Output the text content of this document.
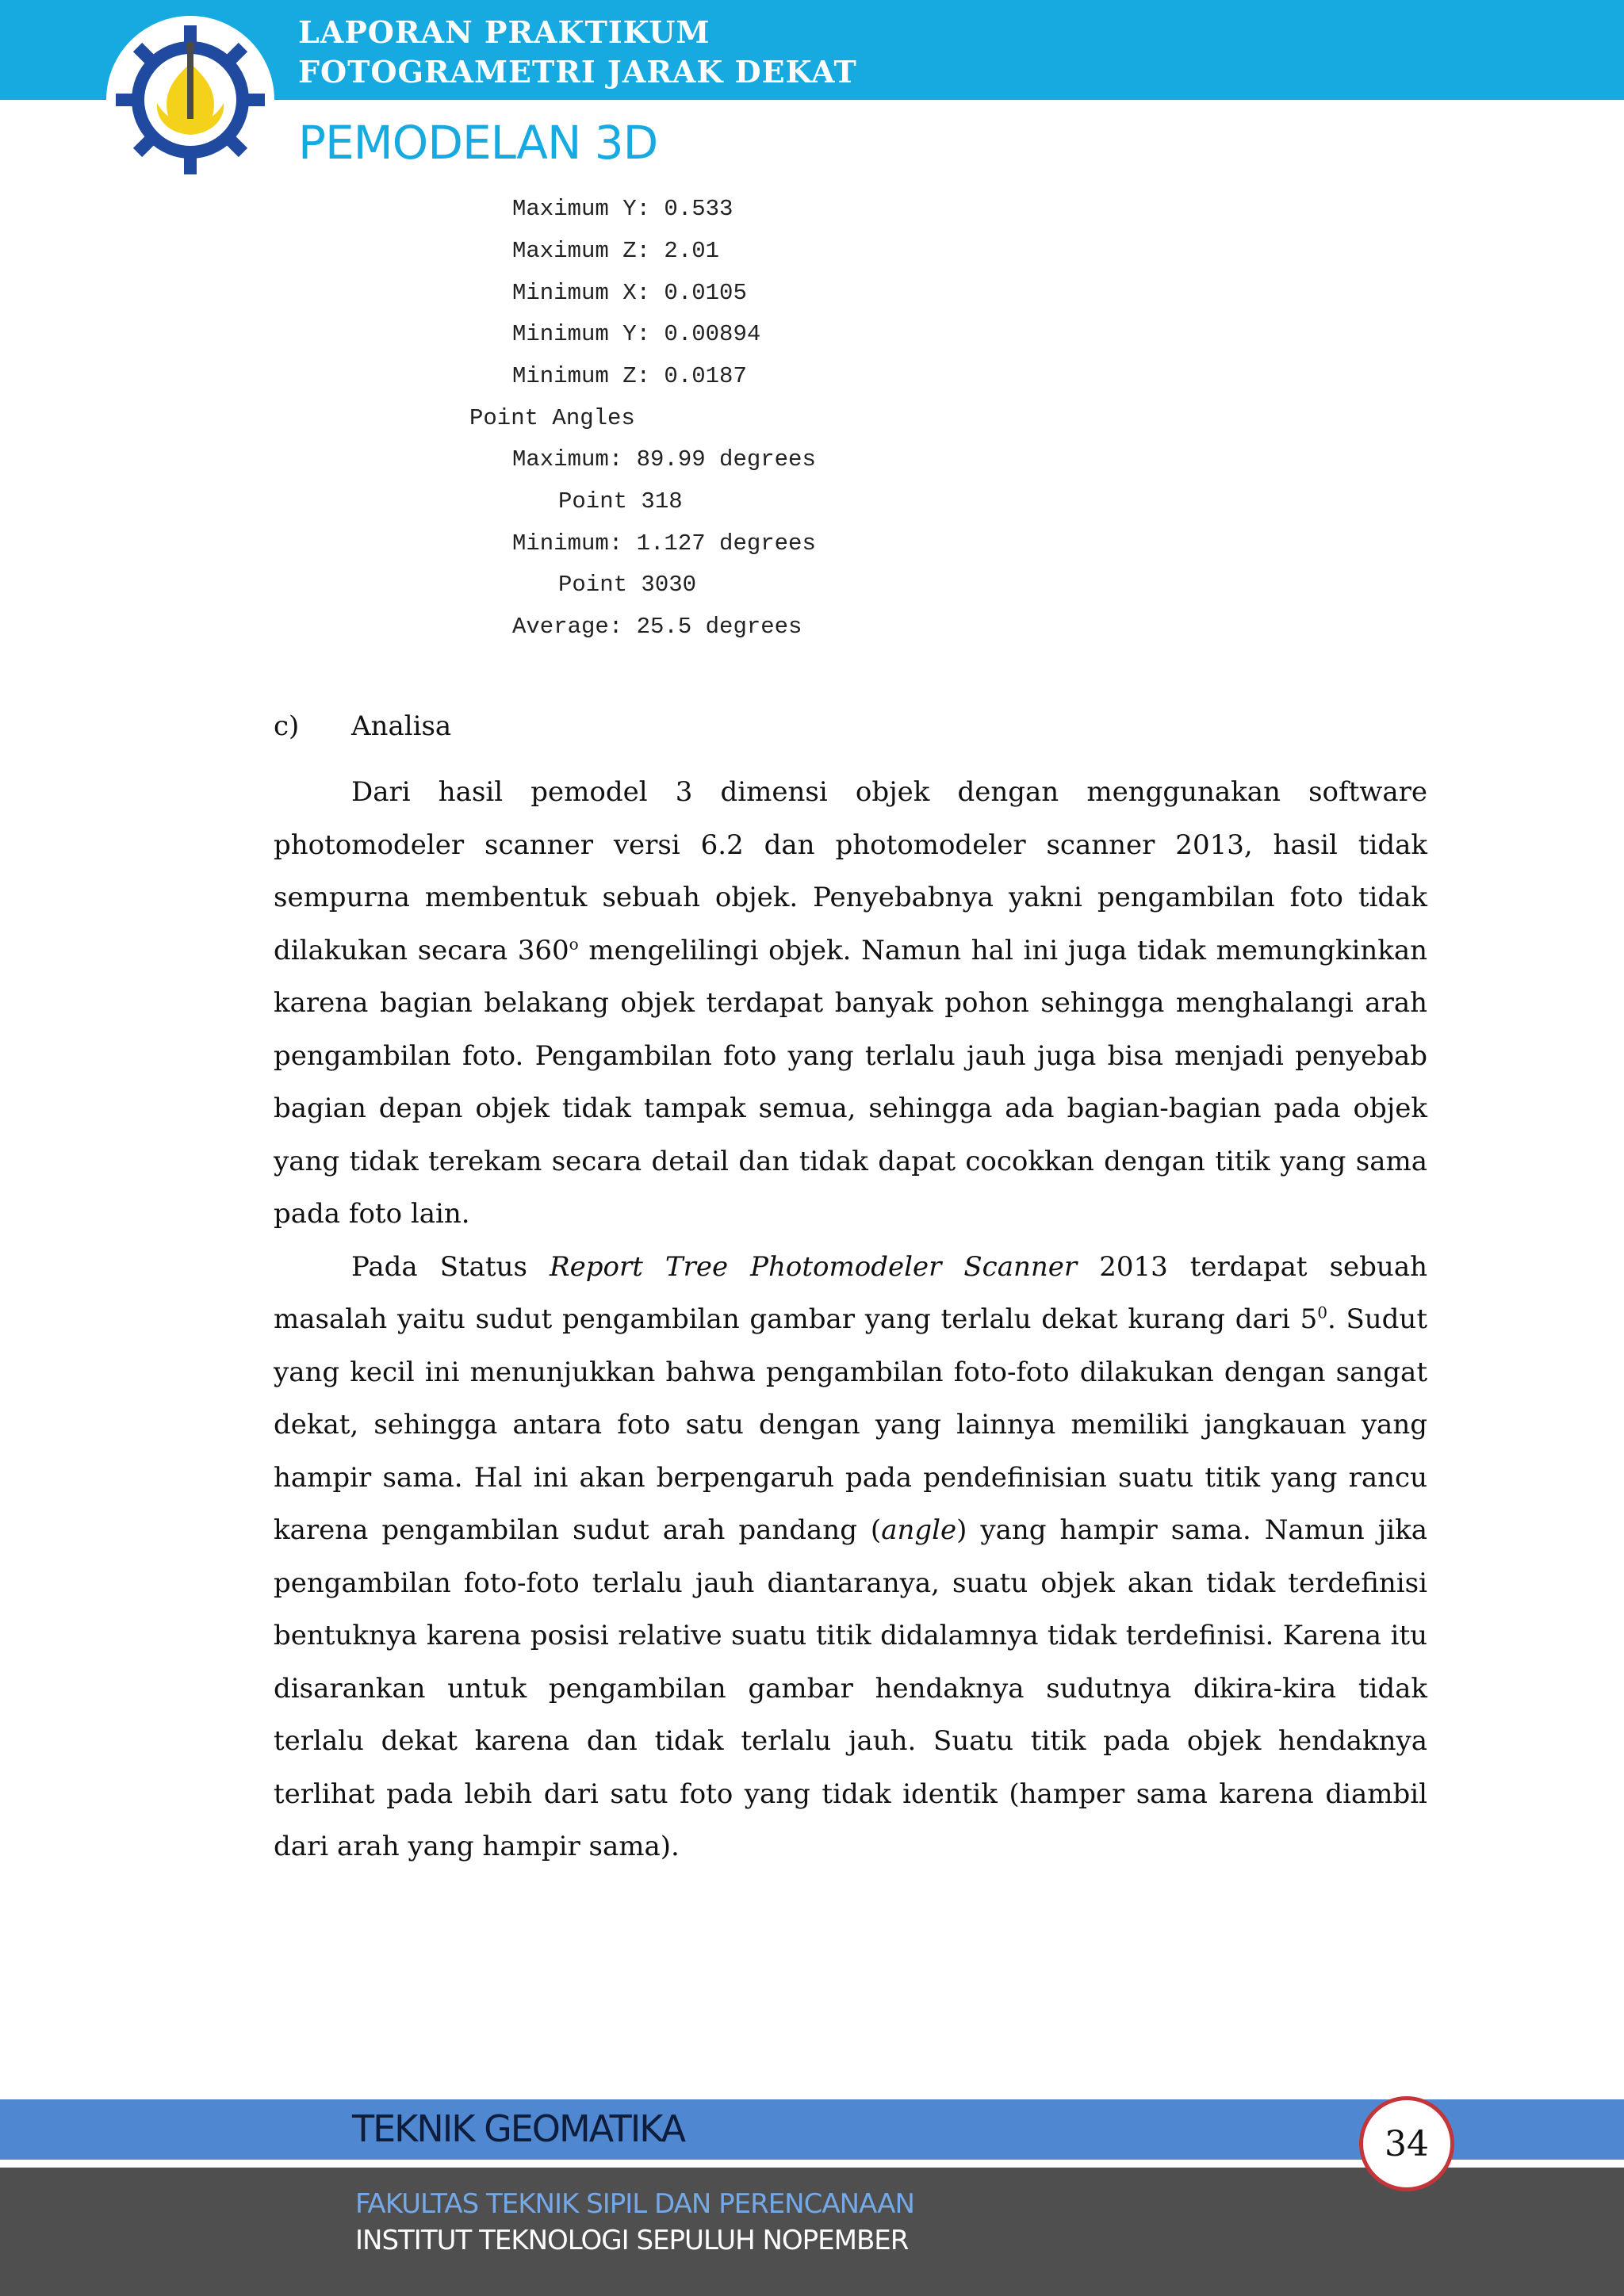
LAPORAN PRAKTIKUM
FOTOGRAMETRI JARAK DEKAT
PEMODELAN 3D

Maximum Y: 0.533

Maximum Z: 2.01

Minimum X: 0.0105

Minimum Y: 0.00894

Minimum Z: 0.0187

Point Angles

Maximum: 89.99 degrees

Point 318

Minimum: 1.127 degrees

Point 3030

Average: 25.5 degrees

c) Analisa

Dari hasil pemodel 3 dimensi objek dengan menggunakan software photomodeler scanner versi 6.2 dan photomodeler scanner 2013, hasil tidak sempurna membentuk sebuah objek. Penyebabnya yakni pengambilan foto tidak dilakukan secara 360$^o$ mengelilingi objek. Namun hal ini juga tidak memungkinkan karena bagian belakang objek terdapat banyak pohon sehingga menghalangi arah pengambilan foto. Pengambilan foto yang terlalu jauh juga bisa menjadi penyebab bagian depan objek tidak tampak semua, sehingga ada bagian-bagian pada objek yang tidak terekam secara detail dan tidak dapat cocokkan dengan titik yang sama pada foto lain.

Pada Status Report Tree Photomodeler Scanner 2013 terdapat sebuah masalah yaitu sudut pengambilan gambar yang terlalu dekat kurang dari $5^0$. Sudut yang kecil ini menunjukkan bahwa pengambilan foto-foto dilakukan dengan sangat dekat, sehingga antara foto satu dengan yang lainnya memiliki jangkauan yang hampir sama. Hal ini akan berpengaruh pada pendefinisian suatu titik yang rancu karena pengambilan sudut arah pandang (angle) yang hampir sama. Namun jika pengambilan foto-foto terlalu jauh diantaranya, suatu objek akan tidak terdefinisi bentuknya karena posisi relative suatu titik didalamnya tidak terdefinisi. Karena itu disarankan untuk pengambilan gambar hendaknya sudutnya dikira-kira tidak terlalu dekat karena dan tidak terlalu jauh. Suatu titik pada objek hendaknya terlihat pada lebih dari satu foto yang tidak identik (hamper sama karena diambil dari arah yang hampir sama).

TEKNIK GEOMATIKA
FAKULTAS TEKNIK SIPIL DAN PERENCANAAN
INSTITUT TEKNOLOGI SEPULUH NOPEMBER
34
